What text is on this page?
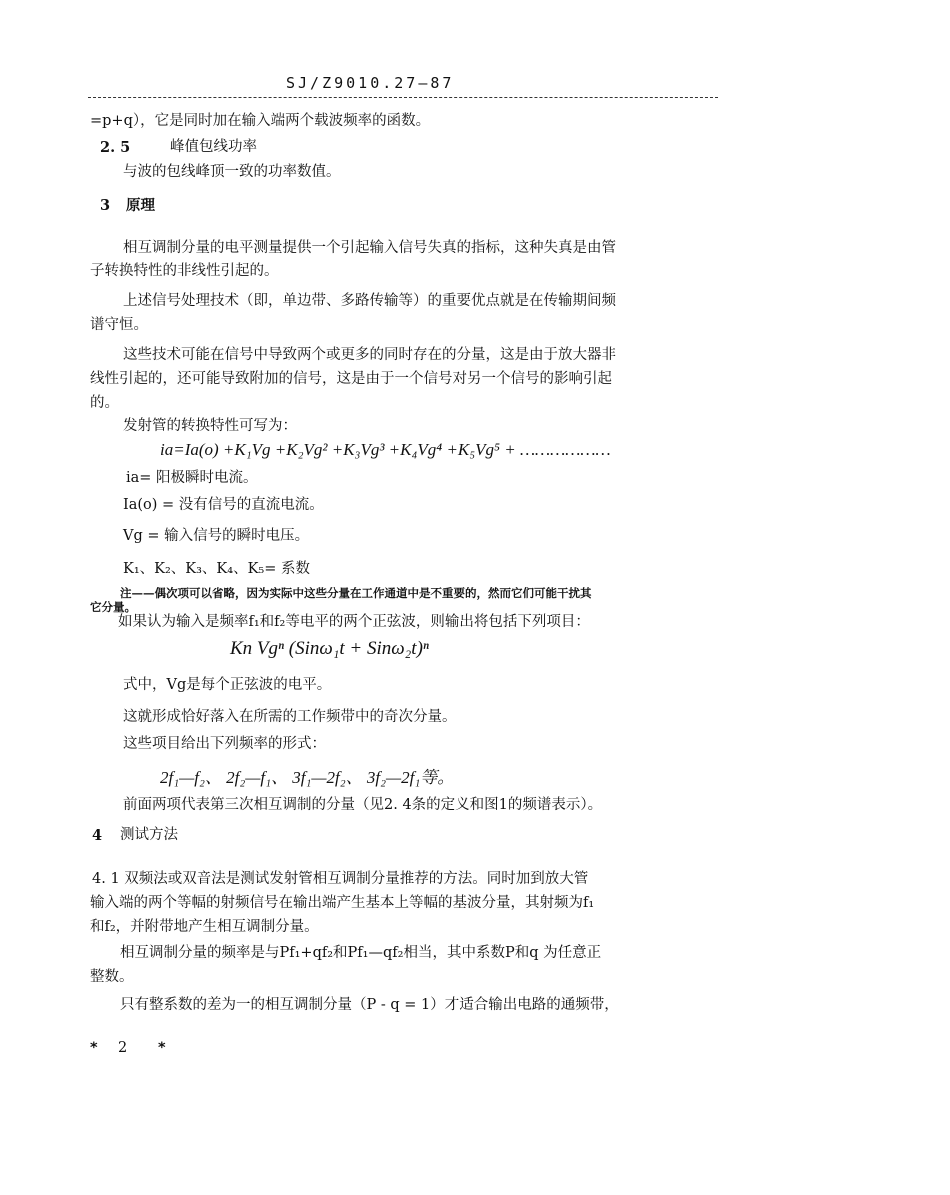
SJ/Z9010.27—87
=p+q），它是同时加在输入端两个载波频率的函数。
2. 5	峰值包线功率
与波的包线峰顶一致的功率数值。
3 原理
相互调制分量的电平测量提供一个引起输入信号失真的指标，这种失真是由管
子转换特性的非线性引起的。
上述信号处理技术（即，单边带、多路传输等）的重要优点就是在传输期间频
谱守恒。
这些技术可能在信号中导致两个或更多的同时存在的分量，这是由于放大器非
线性引起的，还可能导致附加的信号，这是由于一个信号对另一个信号的影响引起
的。
发射管的转换特性可写为：
ia=Ia(o) +K₁Vg +K₂Vg² +K₃Vg³ +K₄Vg⁴ +K₅Vg⁵ + ………………
ia= 阳极瞬时电流。
Ia(o) = 没有信号的直流电流。
Vg = 输入信号的瞬时电压。
K₁、K₂、K₃、K₄、K₅= 系数
注——偶次项可以省略，因为实际中这些分量在工作通道中是不重要的，然而它们可能干扰其
它分量。
如果认为输入是频率f₁和f₂等电平的两个正弦波，则输出将包括下列项目：
Kn Vgⁿ (Sinω₁t + Sinω₂t)ⁿ
式中，Vg是每个正弦波的电平。
这就形成恰好落入在所需的工作频带中的奇次分量。
这些项目给出下列频率的形式：
2f₁—f₂、 2f₂—f₁、 3f₁—2f₂、 3f₂—2f₁等。
前面两项代表第三次相互调制的分量（见2. 4条的定义和图1的频谱表示）。
4 测试方法
4. 1 双频法或双音法是测试发射管相互调制分量推荐的方法。同时加到放大管
输入端的两个等幅的射频信号在输出端产生基本上等幅的基波分量，其射频为f₁
和f₂，并附带地产生相互调制分量。
相互调制分量的频率是与Pf₁+qf₂和Pf₁—qf₂相当，其中系数P和q 为任意正
整数。
只有整系数的差为一的相互调制分量（P - q = 1）才适合输出电路的通频带，
* 2 *
